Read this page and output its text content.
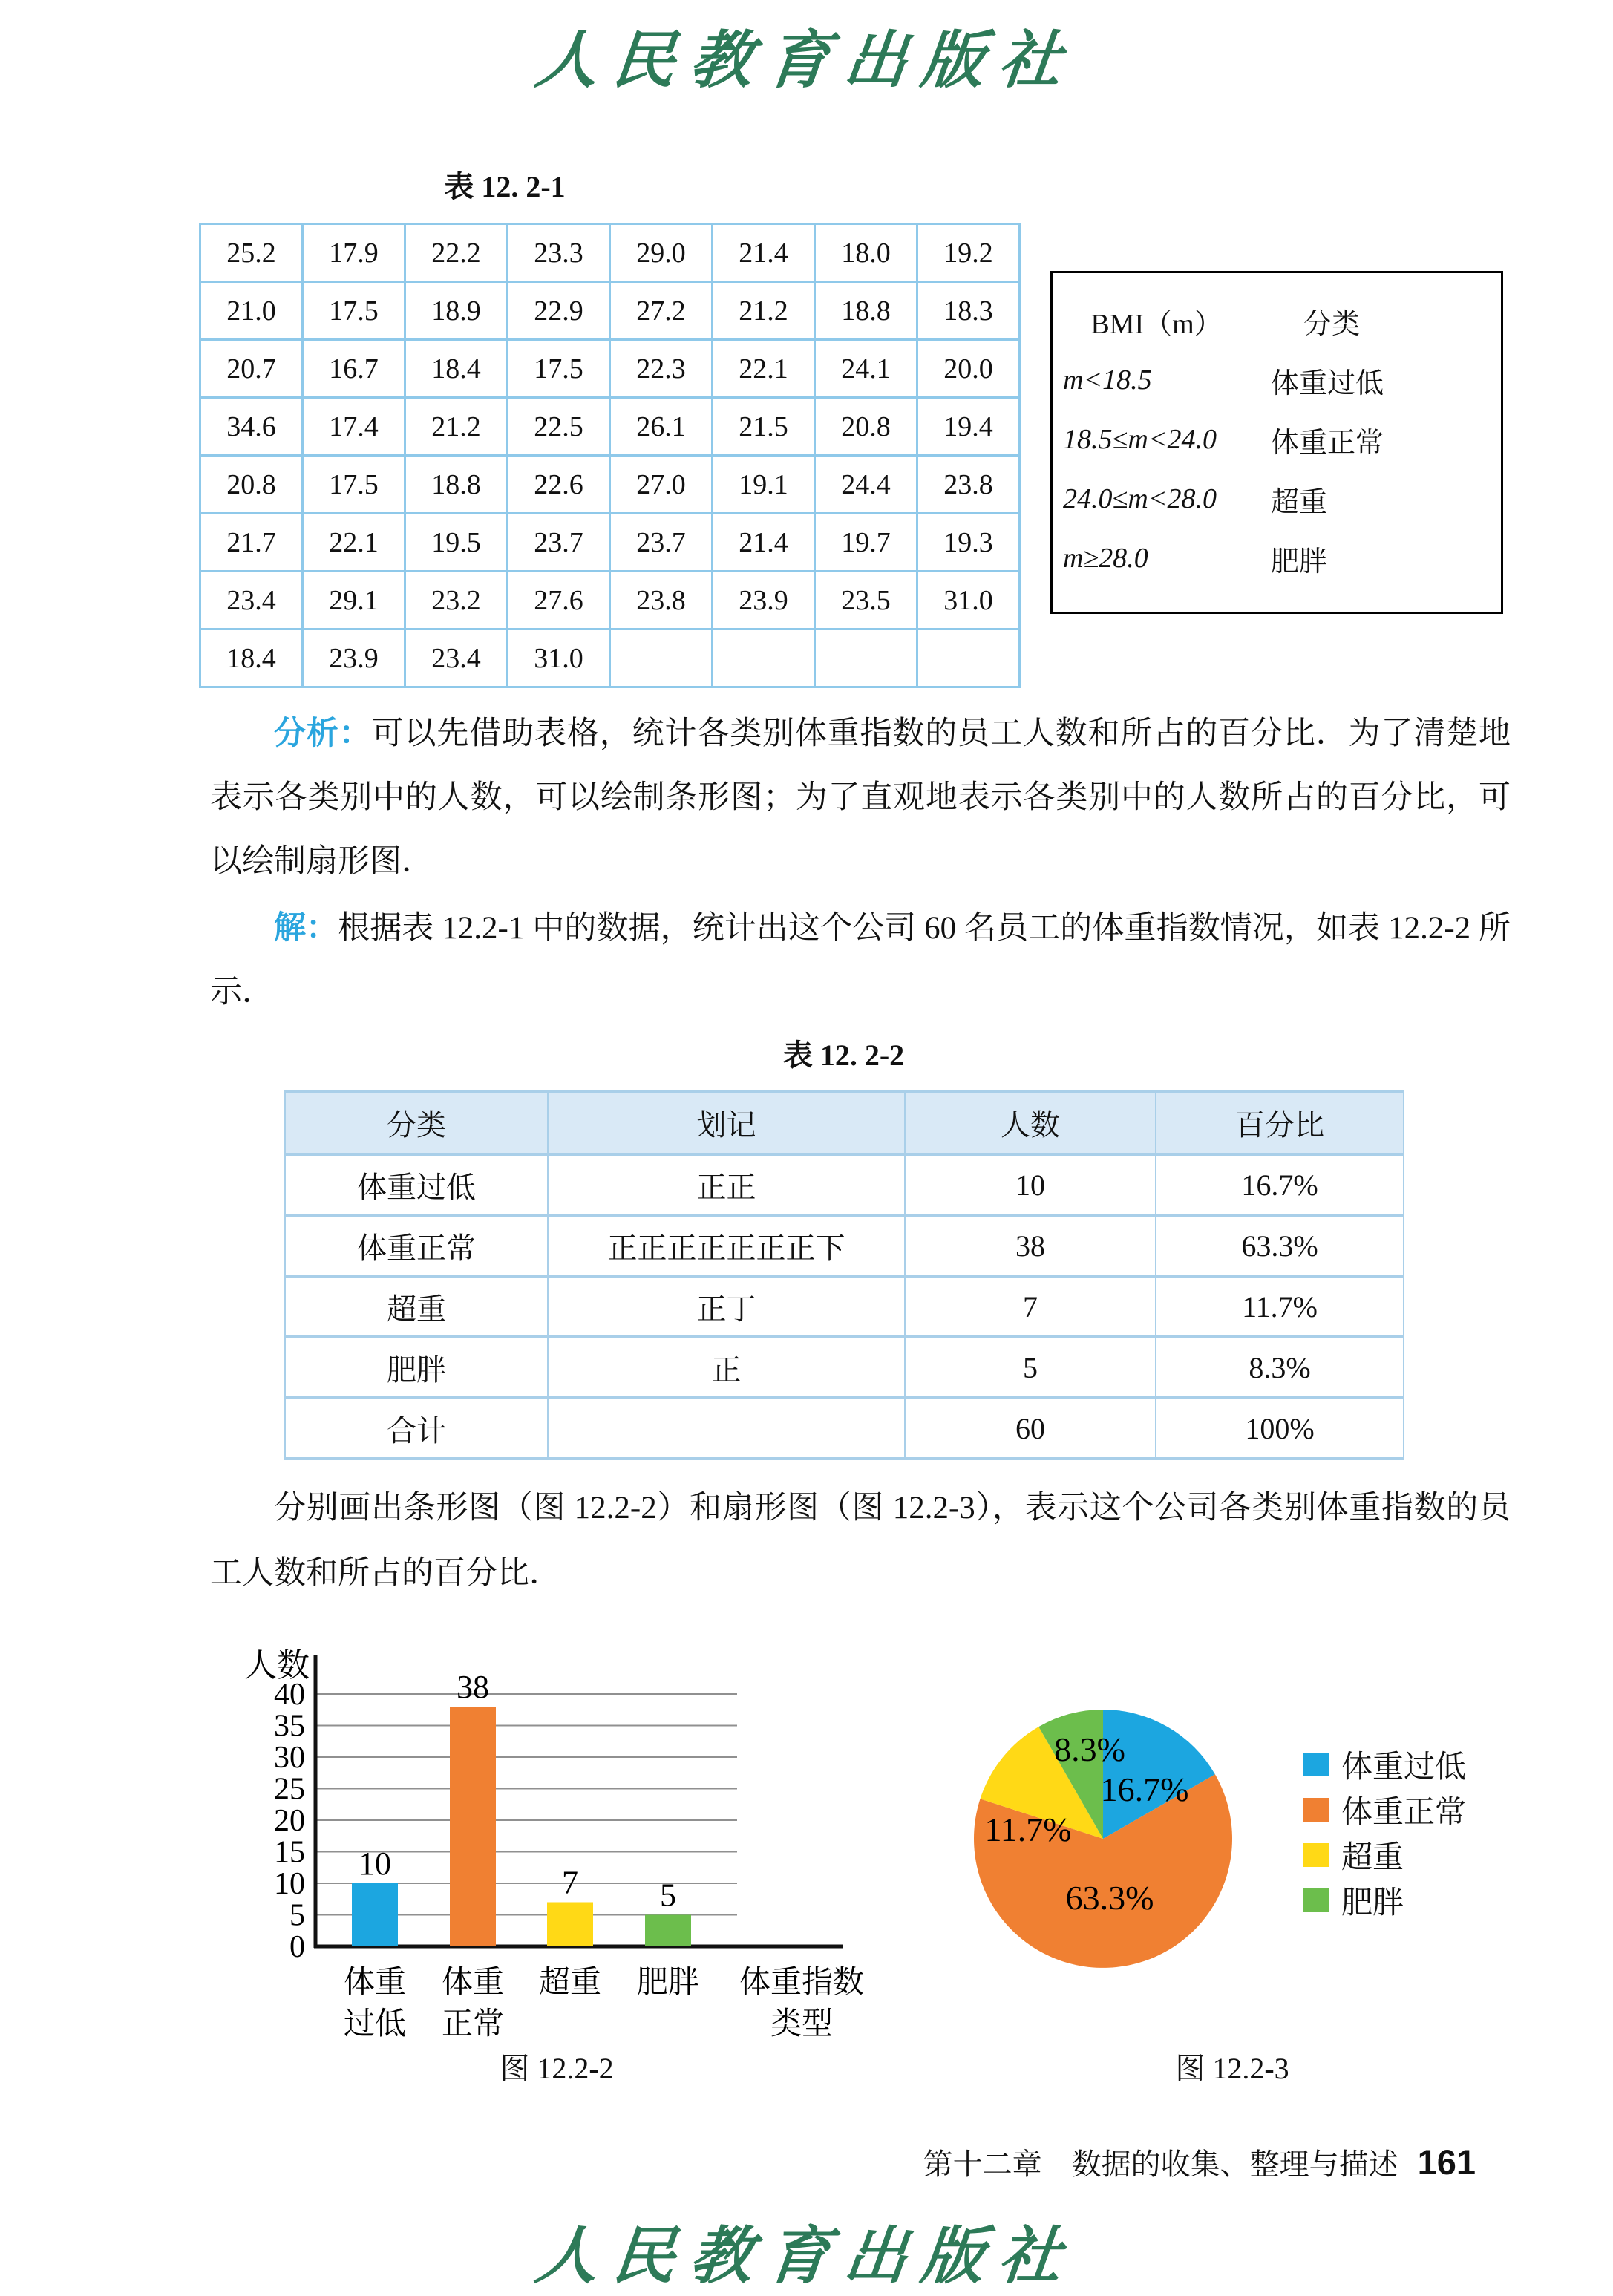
人民教育出版社
表 12. 2-1
25.2	17.9	22.2	23.3	29.0	21.4	18.0	19.2
21.0	17.5	18.9	22.9	27.2	21.2	18.8	18.3
20.7	16.7	18.4	17.5	22.3	22.1	24.1	20.0
34.6	17.4	21.2	22.5	26.1	21.5	20.8	19.4
20.8	17.5	18.8	22.6	27.0	19.1	24.4	23.8
21.7	22.1	19.5	23.7	23.7	21.4	19.7	19.3
23.4	29.1	23.2	27.6	23.8	23.9	23.5	31.0
18.4	23.9	23.4	31.0				
BMI（m）	分类
m<18.5	体重过低
18.5≤m<24.0	体重正常
24.0≤m<28.0	超重
m≥28.0	肥胖
分析：可以先借助表格，统计各类别体重指数的员工人数和所占的百分比．为了清楚地表示各类别中的人数，可以绘制条形图；为了直观地表示各类别中的人数所占的百分比，可以绘制扇形图．
解：根据表 12.2-1 中的数据，统计出这个公司 60 名员工的体重指数情况，如表 12.2-2 所示．
表 12. 2-2
分类	划记	人数	百分比
体重过低	正正	10	16.7%
体重正常	正正正正正正正下	38	63.3%
超重	正丁	7	11.7%
肥胖	正	5	8.3%
合计		60	100%
分别画出条形图（图 12.2-2）和扇形图（图 12.2-3），表示这个公司各类别体重指数的员工人数和所占的百分比．
0
5
10
15
20
25
30
35
40
人数
10
38
7	5
体重
过低
体重
正常
超重 肥胖 体重指数
类型
图 12.2-2
16.7%
63.3%
11.7%
8.3%	体重过低
体重正常
超重
肥胖
图 12.2-3
第十二章　数据的收集、整理与描述 161
人民教育出版社
